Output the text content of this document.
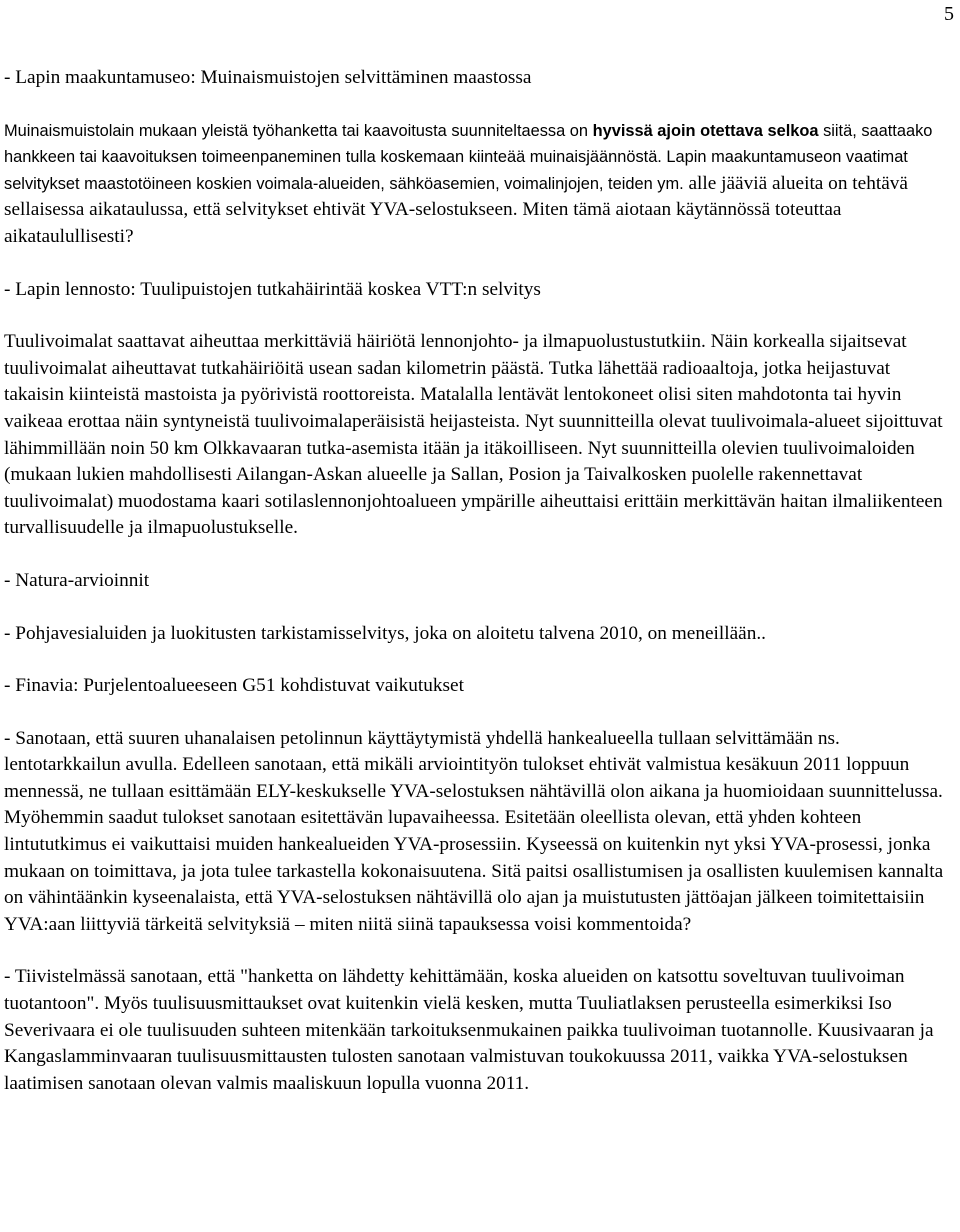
5

- Lapin maakuntamuseo: Muinaismuistojen selvittäminen maastossa

Muinaismuistolain mukaan yleistä työhanketta tai kaavoitusta suunniteltaessa on hyvissä ajoin otettava selkoa siitä, saattaako hankkeen tai kaavoituksen toimeenpaneminen tulla koskemaan kiinteää muinaisjäännöstä. Lapin maakuntamuseon vaatimat selvitykset maastotöineen koskien voimala-alueiden, sähköasemien, voimalinjojen, teiden ym. alle jääviä alueita on tehtävä sellaisessa aikataulussa, että selvitykset ehtivät YVA-selostukseen. Miten tämä aiotaan käytännössä toteuttaa aikataulullisesti?

- Lapin lennosto: Tuulipuistojen tutkahäirintää koskea VTT:n selvitys

Tuulivoimalat saattavat aiheuttaa merkittäviä häiriötä lennonjohto- ja ilmapuolustustutkiin. Näin korkealla sijaitsevat tuulivoimalat aiheuttavat tutkahäiriöitä usean sadan kilometrin päästä. Tutka lähettää radioaaltoja, jotka heijastuvat takaisin kiinteistä mastoista ja pyörivistä roottoreista. Matalalla lentävät lentokoneet olisi siten mahdotonta tai hyvin vaikeaa erottaa näin syntyneistä tuulivoimalaperäisistä heijasteista. Nyt suunnitteilla olevat tuulivoimala-alueet sijoittuvat lähimmillään noin 50 km Olkkavaaran tutka-asemista itään ja itäkoilliseen. Nyt suunnitteilla olevien tuulivoimaloiden (mukaan lukien mahdollisesti Ailangan-Askan alueelle ja Sallan, Posion ja Taivalkosken puolelle rakennettavat tuulivoimalat) muodostama kaari sotilaslennonjohtoalueen ympärille aiheuttaisi erittäin merkittävän haitan ilmaliikenteen turvallisuudelle ja ilmapuolustukselle.

- Natura-arvioinnit

- Pohjavesialuiden ja luokitusten tarkistamisselvitys, joka on aloitetu talvena 2010, on meneillään..

- Finavia: Purjelentoalueeseen G51 kohdistuvat vaikutukset

- Sanotaan, että suuren uhanalaisen petolinnun käyttäytymistä yhdellä hankealueella tullaan selvittämään ns. lentotarkkailun avulla. Edelleen sanotaan, että mikäli arviointityön tulokset ehtivät valmistua kesäkuun 2011 loppuun mennessä, ne tullaan esittämään ELY-keskukselle YVA-selostuksen nähtävillä olon aikana ja huomioidaan suunnittelussa. Myöhemmin saadut tulokset sanotaan esitettävän lupavaiheessa. Esitetään oleellista olevan, että yhden kohteen lintututkimus ei vaikuttaisi muiden hankealueiden YVA-prosessiin. Kyseessä on kuitenkin nyt yksi YVA-prosessi, jonka mukaan on toimittava, ja jota tulee tarkastella kokonaisuutena. Sitä paitsi osallistumisen ja osallisten kuulemisen kannalta on vähintäänkin kyseenalaista, että YVA-selostuksen nähtävillä olo ajan ja muistutusten jättöajan jälkeen toimitettaisiin YVA:aan liittyviä tärkeitä selvityksiä – miten niitä siinä tapauksessa voisi kommentoida?

- Tiivistelmässä sanotaan, että "hanketta on lähdetty kehittämään, koska alueiden on katsottu soveltuvan tuulivoiman tuotantoon". Myös tuulisuusmittaukset ovat kuitenkin vielä kesken, mutta Tuuliatlaksen perusteella esimerkiksi Iso Severivaara ei ole tuulisuuden suhteen mitenkään tarkoituksenmukainen paikka tuulivoiman tuotannolle. Kuusivaaran ja Kangaslamminvaaran tuulisuusmittausten tulosten sanotaan valmistuvan toukokuussa 2011, vaikka YVA-selostuksen laatimisen sanotaan olevan valmis maaliskuun lopulla vuonna 2011.
